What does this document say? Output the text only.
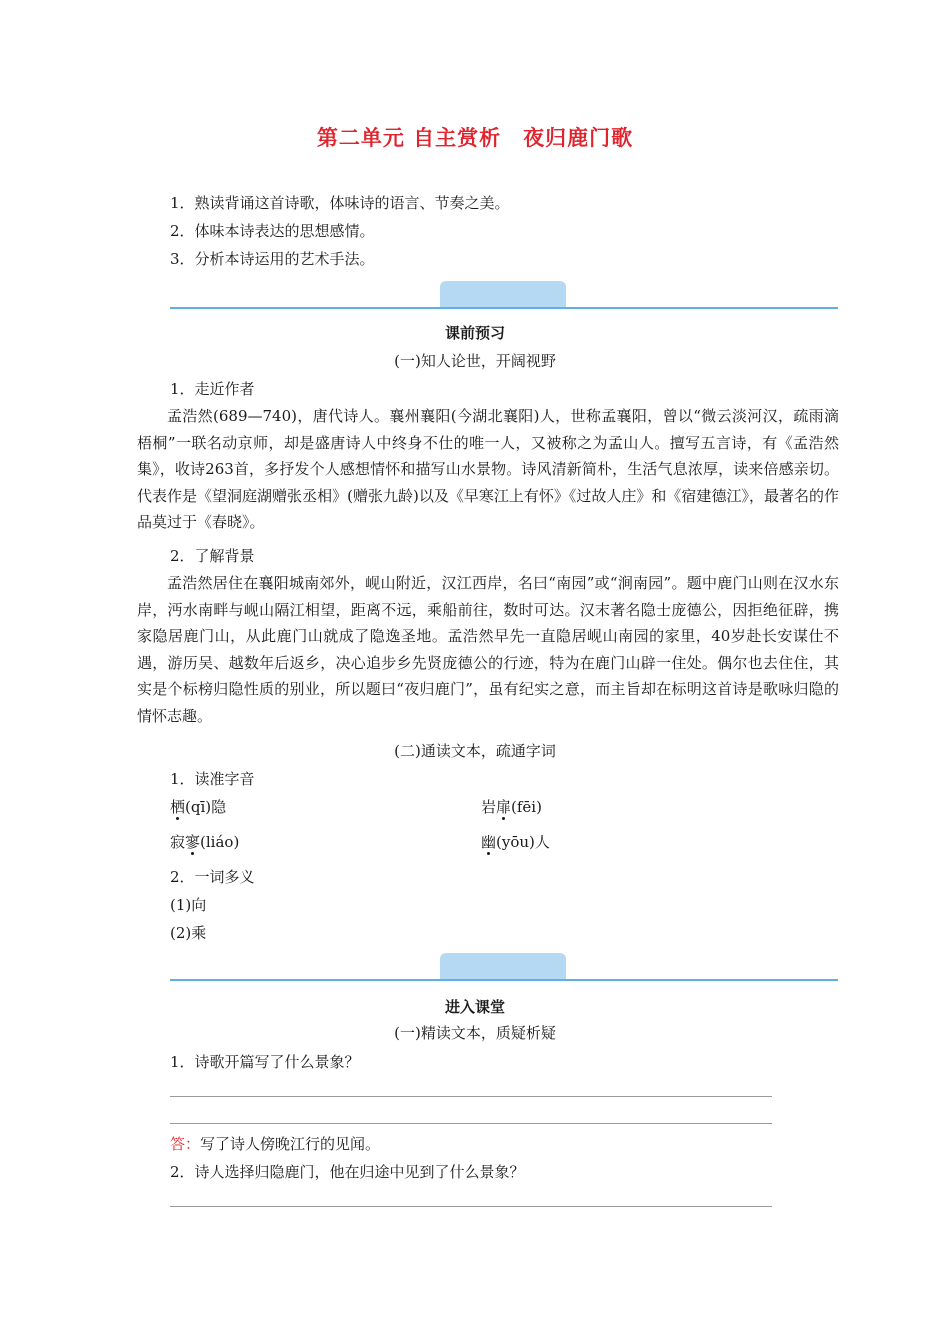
第二单元 自主赏析　夜归鹿门歌
1．熟读背诵这首诗歌，体味诗的语言、节奏之美。
2．体味本诗表达的思想感情。
3．分析本诗运用的艺术手法。
课前预习
(一)知人论世，开阔视野
1．走近作者

孟浩然(689—740)，唐代诗人。襄州襄阳(今湖北襄阳)人，世称孟襄阳，曾以“微云淡河汉，疏雨滴梧桐”一联名动京师，却是盛唐诗人中终身不仕的唯一人，又被称之为孟山人。擅写五言诗，有《孟浩然集》，收诗263首，多抒发个人感想情怀和描写山水景物。诗风清新简朴，生活气息浓厚，读来倍感亲切。代表作是《望洞庭湖赠张丞相》(赠张九龄)以及《早寒江上有怀》《过故人庄》和《宿建德江》，最著名的作品莫过于《春晓》。

2．了解背景

孟浩然居住在襄阳城南郊外，岘山附近，汉江西岸，名曰“南园”或“涧南园”。题中鹿门山则在汉水东岸，沔水南畔与岘山隔江相望，距离不远，乘船前往，数时可达。汉末著名隐士庞德公，因拒绝征辟，携家隐居鹿门山，从此鹿门山就成了隐逸圣地。孟浩然早先一直隐居岘山南园的家里，40岁赴长安谋仕不遇，游历吴、越数年后返乡，决心追步乡先贤庞德公的行迹，特为在鹿门山辟一住处。偶尔也去住住，其实是个标榜归隐性质的别业，所以题曰“夜归鹿门”，虽有纪实之意，而主旨却在标明这首诗是歌咏归隐的情怀志趣。

(二)通读文本，疏通字词
1．读准字音
栖(qī)隐	岩扉(fēi)
寂寥(liáo)	幽(yōu)人
2．一词多义
(1)向
(2)乘
进入课堂
(一)精读文本，质疑析疑
1．诗歌开篇写了什么景象？
答：写了诗人傍晚江行的见闻。
2．诗人选择归隐鹿门，他在归途中见到了什么景象？
